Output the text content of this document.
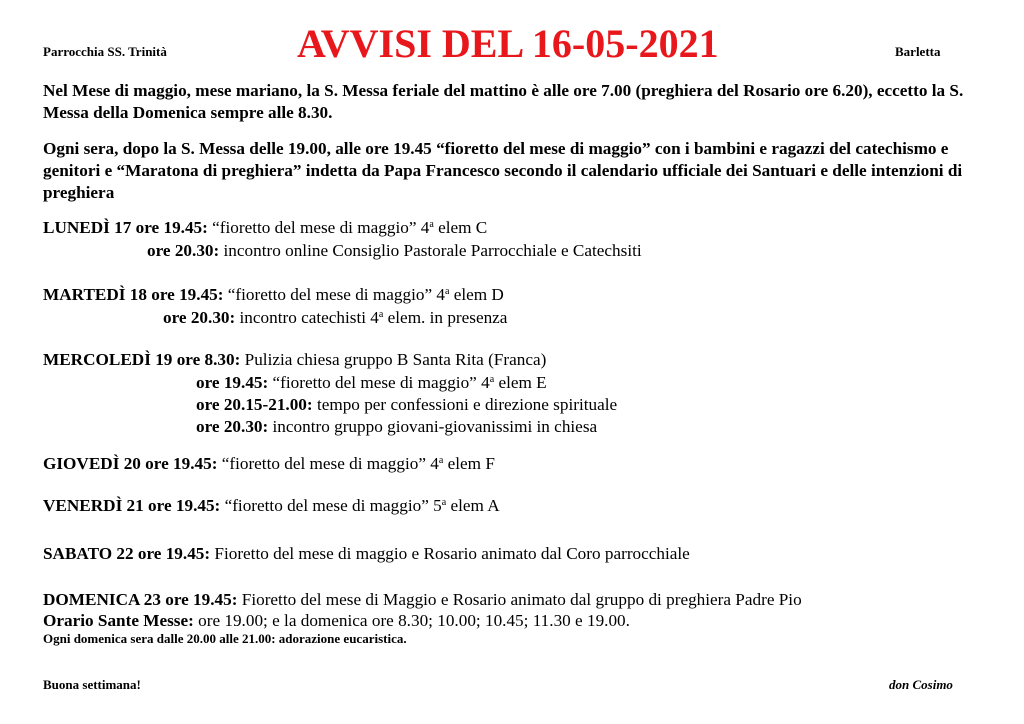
Parrocchia SS. Trinità	AVVISI DEL 16-05-2021	Barletta
Nel Mese di maggio, mese mariano, la S. Messa feriale del mattino è alle ore 7.00 (preghiera del Rosario ore 6.20), eccetto la S. Messa della Domenica sempre alle 8.30.
Ogni sera, dopo la S. Messa delle 19.00, alle ore 19.45 “fioretto del mese di maggio” con i bambini e ragazzi del catechismo e genitori e “Maratona di preghiera” indetta da Papa Francesco secondo il calendario ufficiale dei Santuari e delle intenzioni di preghiera
LUNEDÌ 17 ore 19.45: “fioretto del mese di maggio” 4$^a$ elem C
ore 20.30: incontro online Consiglio Pastorale Parrocchiale e Catechsiti
MARTEDÌ 18 ore 19.45: “fioretto del mese di maggio” 4$^a$ elem D
ore 20.30: incontro catechisti 4$^a$ elem. in presenza
MERCOLEDÌ 19 ore 8.30: Pulizia chiesa gruppo B Santa Rita (Franca)
ore 19.45: “fioretto del mese di maggio” 4$^a$ elem E
ore 20.15-21.00: tempo per confessioni e direzione spirituale
ore 20.30: incontro gruppo giovani-giovanissimi in chiesa
GIOVEDÌ 20 ore 19.45: “fioretto del mese di maggio” 4$^a$ elem F
VENERDÌ 21 ore 19.45: “fioretto del mese di maggio” 5$^a$ elem A
SABATO 22 ore 19.45: Fioretto del mese di maggio e Rosario animato dal Coro parrocchiale
DOMENICA 23 ore 19.45: Fioretto del mese di Maggio e Rosario animato dal gruppo di preghiera Padre Pio
Orario Sante Messe: ore 19.00; e la domenica ore 8.30; 10.00; 10.45; 11.30 e 19.00.
Ogni domenica sera dalle 20.00 alle 21.00: adorazione eucaristica.
Buona settimana!	don Cosimo
